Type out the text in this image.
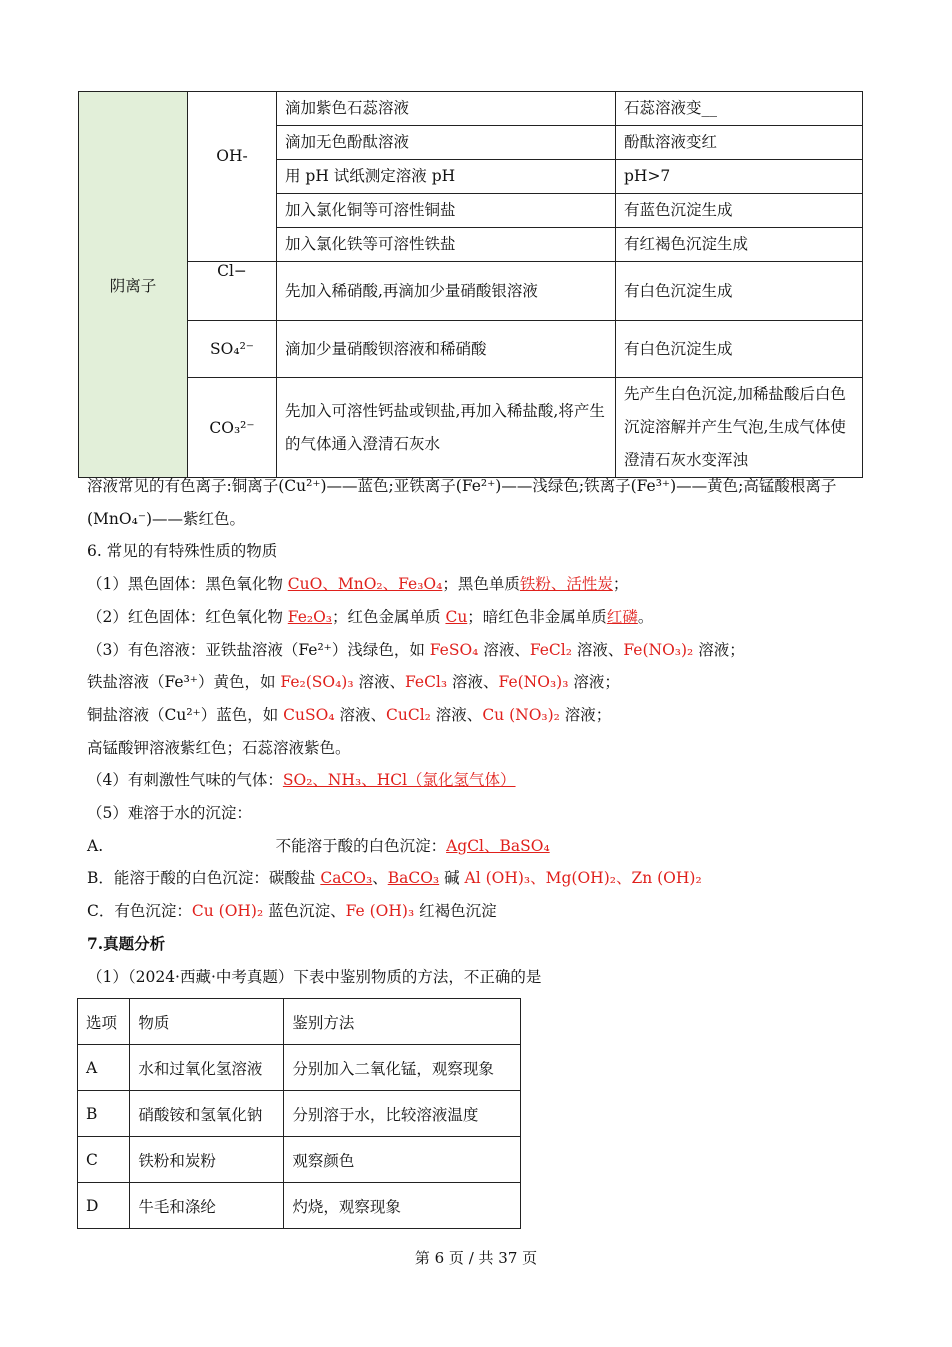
阴离子	OH-	滴加紫色石蕊溶液	石蕊溶液变__
		滴加无色酚酞溶液	酚酞溶液变红
		用 pH 试纸测定溶液 pH	pH>7
		加入氯化铜等可溶性铜盐	有蓝色沉淀生成
		加入氯化铁等可溶性铁盐	有红褐色沉淀生成
	Cl−	先加入稀硝酸,再滴加少量硝酸银溶液	有白色沉淀生成
	SO₄²⁻	滴加少量硝酸钡溶液和稀硝酸	有白色沉淀生成
	CO₃²⁻	先加入可溶性钙盐或钡盐,再加入稀盐酸,将产生的气体通入澄清石灰水	先产生白色沉淀,加稀盐酸后白色沉淀溶解并产生气泡,生成气体使澄清石灰水变浑浊
溶液常见的有色离子:铜离子(Cu²⁺)——蓝色;亚铁离子(Fe²⁺)——浅绿色;铁离子(Fe³⁺)——黄色;高锰酸根离子
(MnO₄⁻)——紫红色。
6. 常见的有特殊性质的物质
（1）黑色固体：黑色氧化物 CuO、MnO₂、Fe₃O₄；黑色单质铁粉、活性炭；
（2）红色固体：红色氧化物 Fe₂O₃；红色金属单质 Cu；暗红色非金属单质红磷。
（3）有色溶液：亚铁盐溶液（Fe²⁺）浅绿色，如 FeSO₄ 溶液、FeCl₂ 溶液、Fe(NO₃)₂ 溶液；
铁盐溶液（Fe³⁺）黄色，如 Fe₂(SO₄)₃ 溶液、FeCl₃ 溶液、Fe(NO₃)₃ 溶液；
铜盐溶液（Cu²⁺）蓝色，如 CuSO₄ 溶液、CuCl₂ 溶液、Cu (NO₃)₂ 溶液；
高锰酸钾溶液紫红色；石蕊溶液紫色。
（4）有刺激性气味的气体：SO₂、NH₃、HCl（氯化氢气体）
（5）难溶于水的沉淀：
A.                                   不能溶于酸的白色沉淀：AgCl、BaSO₄
B．能溶于酸的白色沉淀：碳酸盐 CaCO₃、BaCO₃ 碱 Al (OH)₃、Mg(OH)₂、Zn (OH)₂
C．有色沉淀：Cu (OH)₂ 蓝色沉淀、Fe (OH)₃ 红褐色沉淀
7.真题分析
（1）（2024·西藏·中考真题）下表中鉴别物质的方法，不正确的是
选项	物质	鉴别方法
A	水和过氧化氢溶液	分别加入二氧化锰，观察现象
B	硝酸铵和氢氧化钠	分别溶于水，比较溶液温度
C	铁粉和炭粉	观察颜色
D	牛毛和涤纶	灼烧，观察现象
第 6 页 / 共 37 页
